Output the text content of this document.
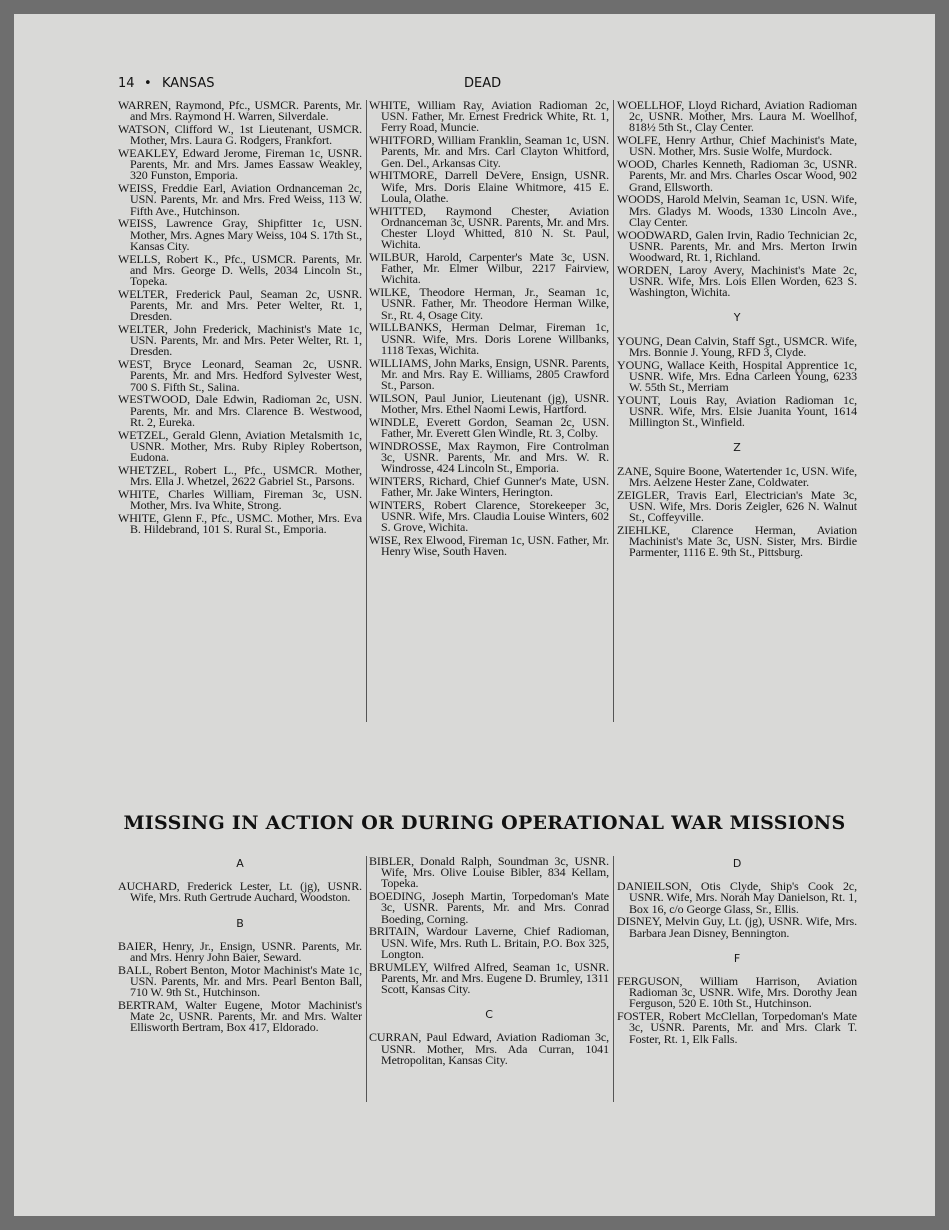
14 • KANSAS	DEAD

WARREN, Raymond, Pfc., USMCR. Parents, Mr. and Mrs. Raymond H. Warren, Silverdale.

WATSON, Clifford W., 1st Lieutenant, USMCR. Mother, Mrs. Laura G. Rodgers, Frankfort.

WEAKLEY, Edward Jerome, Fireman 1c, USNR. Parents, Mr. and Mrs. James Eassaw Weakley, 320 Funston, Emporia.

WEISS, Freddie Earl, Aviation Ordnanceman 2c, USN. Parents, Mr. and Mrs. Fred Weiss, 113 W. Fifth Ave., Hutchinson.

WEISS, Lawrence Gray, Shipfitter 1c, USN. Mother, Mrs. Agnes Mary Weiss, 104 S. 17th St., Kansas City.

WELLS, Robert K., Pfc., USMCR. Parents, Mr. and Mrs. George D. Wells, 2034 Lincoln St., Topeka.

WELTER, Frederick Paul, Seaman 2c, USNR. Parents, Mr. and Mrs. Peter Welter, Rt. 1, Dresden.

WELTER, John Frederick, Machinist's Mate 1c, USN. Parents, Mr. and Mrs. Peter Welter, Rt. 1, Dresden.

WEST, Bryce Leonard, Seaman 2c, USNR. Parents, Mr. and Mrs. Hedford Sylvester West, 700 S. Fifth St., Salina.

WESTWOOD, Dale Edwin, Radioman 2c, USN. Parents, Mr. and Mrs. Clarence B. Westwood, Rt. 2, Eureka.

WETZEL, Gerald Glenn, Aviation Metalsmith 1c, USNR. Mother, Mrs. Ruby Ripley Robertson, Eudona.

WHETZEL, Robert L., Pfc., USMCR. Mother, Mrs. Ella J. Whetzel, 2622 Gabriel St., Parsons.

WHITE, Charles William, Fireman 3c, USN. Mother, Mrs. Iva White, Strong.

WHITE, Glenn F., Pfc., USMC. Mother, Mrs. Eva B. Hildebrand, 101 S. Rural St., Emporia.

WHITE, William Ray, Aviation Radioman 2c, USN. Father, Mr. Ernest Fredrick White, Rt. 1, Ferry Road, Muncie.

WHITFORD, William Franklin, Seaman 1c, USN. Parents, Mr. and Mrs. Carl Clayton Whitford, Gen. Del., Arkansas City.

WHITMORE, Darrell DeVere, Ensign, USNR. Wife, Mrs. Doris Elaine Whitmore, 415 E. Loula, Olathe.

WHITTED, Raymond Chester, Aviation Ordnanceman 3c, USNR. Parents, Mr. and Mrs. Chester Lloyd Whitted, 810 N. St. Paul, Wichita.

WILBUR, Harold, Carpenter's Mate 3c, USN. Father, Mr. Elmer Wilbur, 2217 Fairview, Wichita.

WILKE, Theodore Herman, Jr., Seaman 1c, USNR. Father, Mr. Theodore Herman Wilke, Sr., Rt. 4, Osage City.

WILLBANKS, Herman Delmar, Fireman 1c, USNR. Wife, Mrs. Doris Lorene Willbanks, 1118 Texas, Wichita.

WILLIAMS, John Marks, Ensign, USNR. Parents, Mr. and Mrs. Ray E. Williams, 2805 Crawford St., Parson.

WILSON, Paul Junior, Lieutenant (jg), USNR. Mother, Mrs. Ethel Naomi Lewis, Hartford.

WINDLE, Everett Gordon, Seaman 2c, USN. Father, Mr. Everett Glen Windle, Rt. 3, Colby.

WINDROSSE, Max Raymon, Fire Controlman 3c, USNR. Parents, Mr. and Mrs. W. R. Windrosse, 424 Lincoln St., Emporia.

WINTERS, Richard, Chief Gunner's Mate, USN. Father, Mr. Jake Winters, Herington.

WINTERS, Robert Clarence, Storekeeper 3c, USNR. Wife, Mrs. Claudia Louise Winters, 602 S. Grove, Wichita.

WISE, Rex Elwood, Fireman 1c, USN. Father, Mr. Henry Wise, South Haven.

WOELLHOF, Lloyd Richard, Aviation Radioman 2c, USNR. Mother, Mrs. Laura M. Woellhof, 818½ 5th St., Clay Center.

WOLFE, Henry Arthur, Chief Machinist's Mate, USN. Mother, Mrs. Susie Wolfe, Murdock.

WOOD, Charles Kenneth, Radioman 3c, USNR. Parents, Mr. and Mrs. Charles Oscar Wood, 902 Grand, Ellsworth.

WOODS, Harold Melvin, Seaman 1c, USN. Wife, Mrs. Gladys M. Woods, 1330 Lincoln Ave., Clay Center.

WOODWARD, Galen Irvin, Radio Technician 2c, USNR. Parents, Mr. and Mrs. Merton Irwin Woodward, Rt. 1, Richland.

WORDEN, Laroy Avery, Machinist's Mate 2c, USNR. Wife, Mrs. Lois Ellen Worden, 623 S. Washington, Wichita.

Y

YOUNG, Dean Calvin, Staff Sgt., USMCR. Wife, Mrs. Bonnie J. Young, RFD 3, Clyde.

YOUNG, Wallace Keith, Hospital Apprentice 1c, USNR. Wife, Mrs. Edna Carleen Young, 6233 W. 55th St., Merriam

YOUNT, Louis Ray, Aviation Radioman 1c, USNR. Wife, Mrs. Elsie Juanita Yount, 1614 Millington St., Winfield.

Z

ZANE, Squire Boone, Watertender 1c, USN. Wife, Mrs. Aelzene Hester Zane, Coldwater.

ZEIGLER, Travis Earl, Electrician's Mate 3c, USN. Wife, Mrs. Doris Zeigler, 626 N. Walnut St., Coffeyville.

ZIEHLKE, Clarence Herman, Aviation Machinist's Mate 3c, USN. Sister, Mrs. Birdie Parmenter, 1116 E. 9th St., Pittsburg.

MISSING IN ACTION OR DURING OPERATIONAL WAR MISSIONS
A

AUCHARD, Frederick Lester, Lt. (jg), USNR. Wife, Mrs. Ruth Gertrude Auchard, Woodston.

B

BAIER, Henry, Jr., Ensign, USNR. Parents, Mr. and Mrs. Henry John Baier, Seward.

BALL, Robert Benton, Motor Machinist's Mate 1c, USN. Parents, Mr. and Mrs. Pearl Benton Ball, 710 W. 9th St., Hutchinson.

BERTRAM, Walter Eugene, Motor Machinist's Mate 2c, USNR. Parents, Mr. and Mrs. Walter Ellisworth Bertram, Box 417, Eldorado.

BIBLER, Donald Ralph, Soundman 3c, USNR. Wife, Mrs. Olive Louise Bibler, 834 Kellam, Topeka.

BOEDING, Joseph Martin, Torpedoman's Mate 3c, USNR. Parents, Mr. and Mrs. Conrad Boeding, Corning.

BRITAIN, Wardour Laverne, Chief Radioman, USN. Wife, Mrs. Ruth L. Britain, P.O. Box 325, Longton.

BRUMLEY, Wilfred Alfred, Seaman 1c, USNR. Parents, Mr. and Mrs. Eugene D. Brumley, 1311 Scott, Kansas City.

C

CURRAN, Paul Edward, Aviation Radioman 3c, USNR. Mother, Mrs. Ada Curran, 1041 Metropolitan, Kansas City.

D

DANIEILSON, Otis Clyde, Ship's Cook 2c, USNR. Wife, Mrs. Norah May Danielson, Rt. 1, Box 16, c/o George Glass, Sr., Ellis.

DISNEY, Melvin Guy, Lt. (jg), USNR. Wife, Mrs. Barbara Jean Disney, Bennington.

F

FERGUSON, William Harrison, Aviation Radioman 3c, USNR. Wife, Mrs. Dorothy Jean Ferguson, 520 E. 10th St., Hutchinson.

FOSTER, Robert McClellan, Torpedoman's Mate 3c, USNR. Parents, Mr. and Mrs. Clark T. Foster, Rt. 1, Elk Falls.
